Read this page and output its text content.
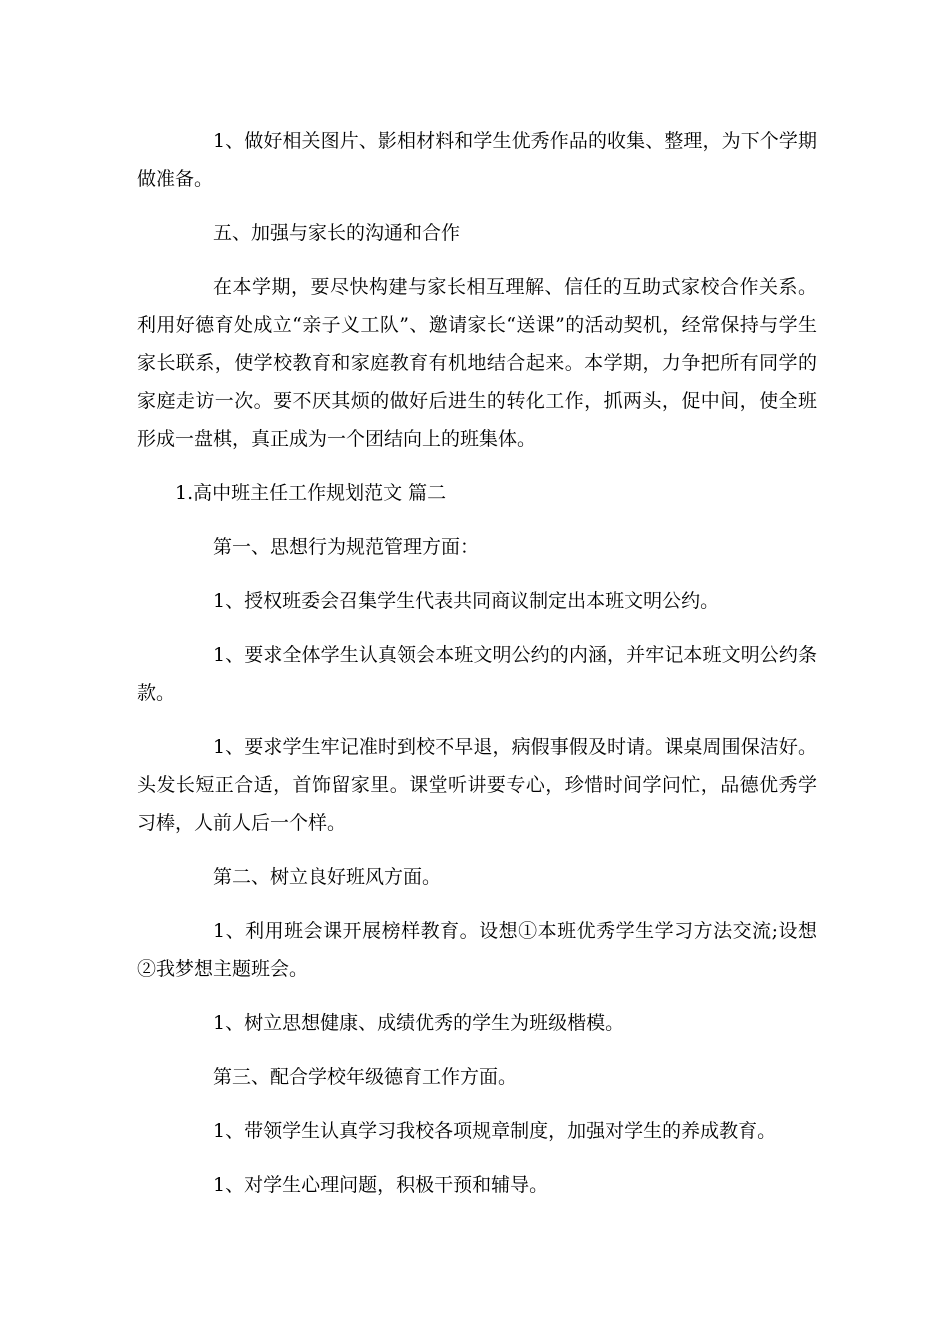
1、做好相关图片、影相材料和学生优秀作品的收集、整理，为下个学期做准备。

五、加强与家长的沟通和合作

在本学期，要尽快构建与家长相互理解、信任的互助式家校合作关系。利用好德育处成立“亲子义工队”、邀请家长“送课”的活动契机，经常保持与学生家长联系，使学校教育和家庭教育有机地结合起来。本学期，力争把所有同学的家庭走访一次。要不厌其烦的做好后进生的转化工作，抓两头，促中间，使全班形成一盘棋，真正成为一个团结向上的班集体。

1.高中班主任工作规划范文 篇二

第一、思想行为规范管理方面：

1、授权班委会召集学生代表共同商议制定出本班文明公约。

1、要求全体学生认真领会本班文明公约的内涵，并牢记本班文明公约条款。

1、要求学生牢记准时到校不早退，病假事假及时请。课桌周围保洁好。头发长短正合适，首饰留家里。课堂听讲要专心，珍惜时间学问忙，品德优秀学习棒，人前人后一个样。

第二、树立良好班风方面。

1、利用班会课开展榜样教育。设想①本班优秀学生学习方法交流;设想②我梦想主题班会。

1、树立思想健康、成绩优秀的学生为班级楷模。

第三、配合学校年级德育工作方面。

1、带领学生认真学习我校各项规章制度，加强对学生的养成教育。

1、对学生心理问题，积极干预和辅导。
